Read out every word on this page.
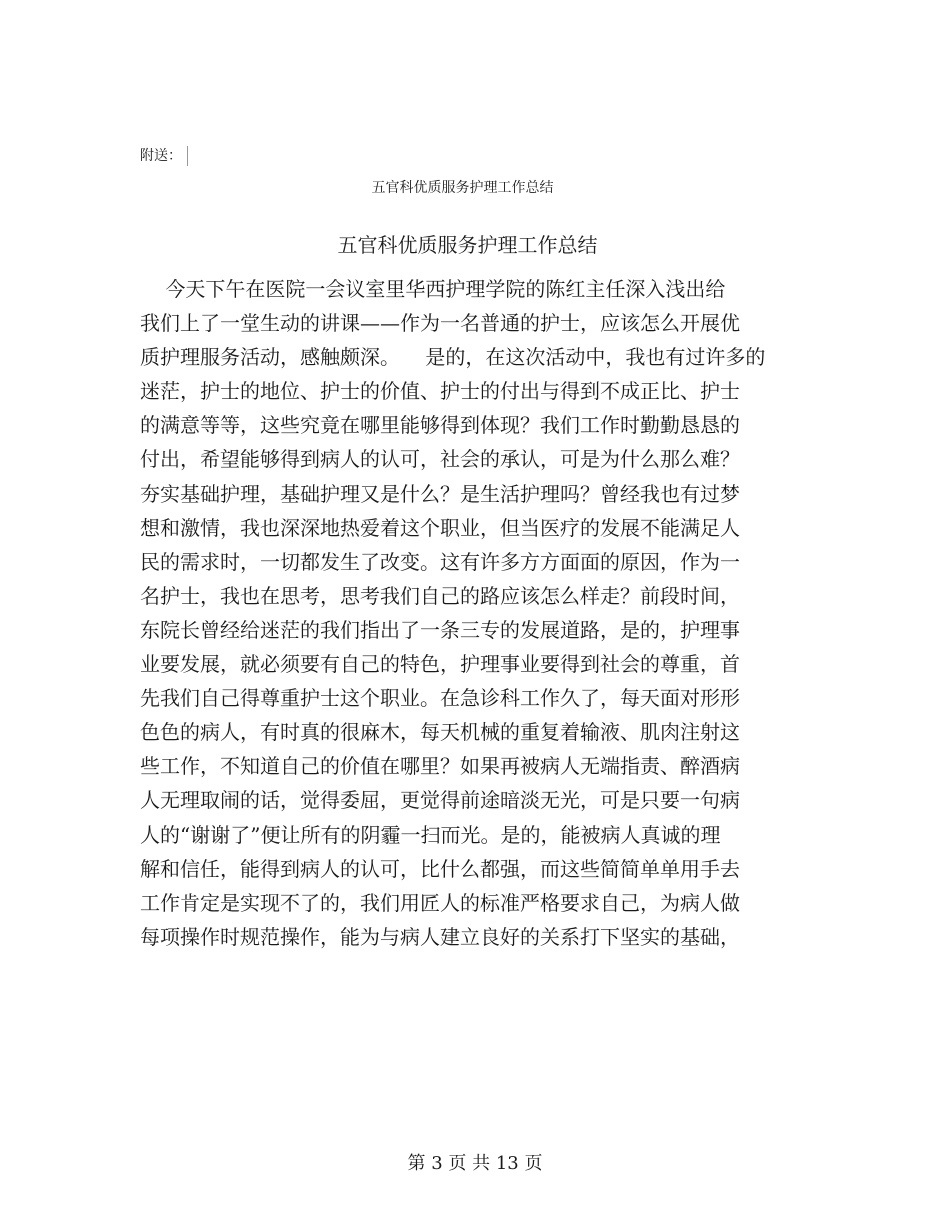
附送：
五官科优质服务护理工作总结
五官科优质服务护理工作总结
今天下午在医院一会议室里华西护理学院的陈红主任深入浅出给
我们上了一堂生动的讲课——作为一名普通的护士，应该怎么开展优
质护理服务活动，感触颇深。    是的，在这次活动中，我也有过许多的
迷茫，护士的地位、护士的价值、护士的付出与得到不成正比、护士
的满意等等，这些究竟在哪里能够得到体现？我们工作时勤勤恳恳的
付出，希望能够得到病人的认可，社会的承认，可是为什么那么难？
夯实基础护理，基础护理又是什么？是生活护理吗？曾经我也有过梦
想和激情，我也深深地热爱着这个职业，但当医疗的发展不能满足人
民的需求时，一切都发生了改变。这有许多方方面面的原因，作为一
名护士，我也在思考，思考我们自己的路应该怎么样走？前段时间，
东院长曾经给迷茫的我们指出了一条三专的发展道路，是的，护理事
业要发展，就必须要有自己的特色，护理事业要得到社会的尊重，首
先我们自己得尊重护士这个职业。在急诊科工作久了，每天面对形形
色色的病人，有时真的很麻木，每天机械的重复着输液、肌肉注射这
些工作，不知道自己的价值在哪里？如果再被病人无端指责、醉酒病
人无理取闹的话，觉得委屈，更觉得前途暗淡无光，可是只要一句病
人的“谢谢了”便让所有的阴霾一扫而光。是的，能被病人真诚的理
解和信任，能得到病人的认可，比什么都强，而这些简简单单用手去
工作肯定是实现不了的，我们用匠人的标准严格要求自己，为病人做
每项操作时规范操作，能为与病人建立良好的关系打下坚实的基础，
第 3 页 共 13 页
